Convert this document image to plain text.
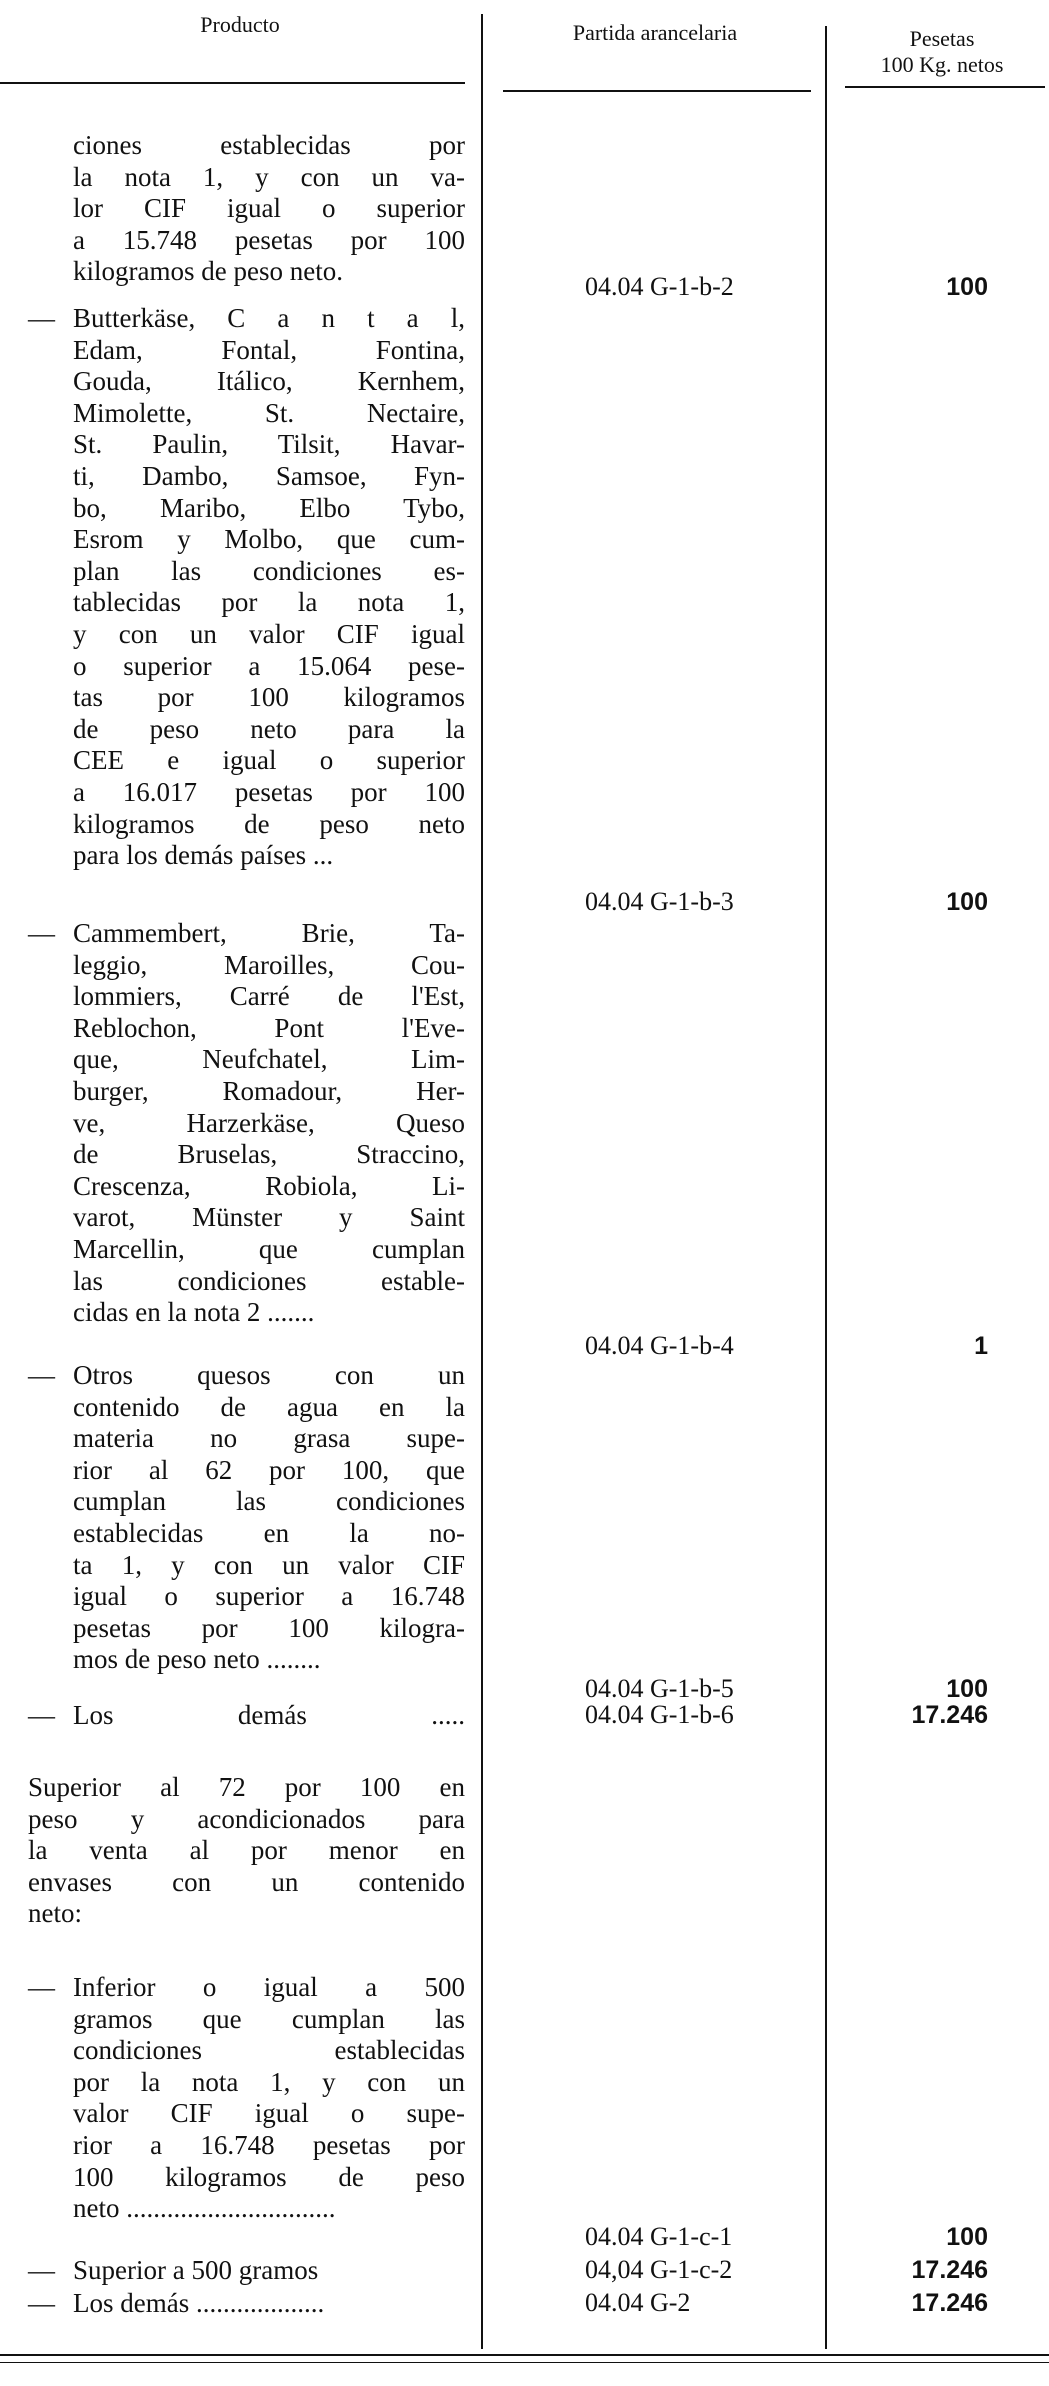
Producto	Partida arancelaria	Pesetas
100 Kg. netos
ciones establecidas por
la nota 1, y con un va-
lor CIF igual o superior
a 15.748 pesetas por 100
kilogramos de peso neto.
04.04 G-1-b-2	100
— Butterkäse, C a n t a l,
Edam, Fontal, Fontina,
Gouda, Itálico, Kernhem,
Mimolette, St. Nectaire,
St. Paulin, Tilsit, Havar-
ti, Dambo, Samsoe, Fyn-
bo, Maribo, Elbo Tybo,
Esrom y Molbo, que cum-
plan las condiciones es-
tablecidas por la nota 1,
y con un valor CIF igual
o superior a 15.064 pese-
tas por 100 kilogramos
de peso neto para la
CEE e igual o superior
a 16.017 pesetas por 100
kilogramos de peso neto
para los demás países ...
04.04 G-1-b-3	100
— Cammembert, Brie, Ta-
leggio, Maroilles, Cou-
lommiers, Carré de l'Est,
Reblochon, Pont l'Eve-
que, Neufchatel, Lim-
burger, Romadour, Her-
ve, Harzerkäse, Queso
de Bruselas, Straccino,
Crescenza, Robiola, Li-
varot, Münster y Saint
Marcellin, que cumplan
las condiciones estable-
cidas en la nota 2 .......
04.04 G-1-b-4	1
— Otros quesos con un
contenido de agua en la
materia no grasa supe-
rior al 62 por 100, que
cumplan las condiciones
establecidas en la no-
ta 1, y con un valor CIF
igual o superior a 16.748
pesetas por 100 kilogra-
mos de peso neto ........
04.04 G-1-b-5	100
— Los demás .....	04.04 G-1-b-6	17.246
Superior al 72 por 100 en
peso y acondicionados para
la venta al por menor en
envases con un contenido
neto:
— Inferior o igual a 500
gramos que cumplan las
condiciones establecidas
por la nota 1, y con un
valor CIF igual o supe-
rior a 16.748 pesetas por
100 kilogramos de peso
neto ...............................
04.04 G-1-c-1	100
— Superior a 500 gramos	04,04 G-1-c-2	17.246
— Los demás ...................	04.04 G-2	17.246
